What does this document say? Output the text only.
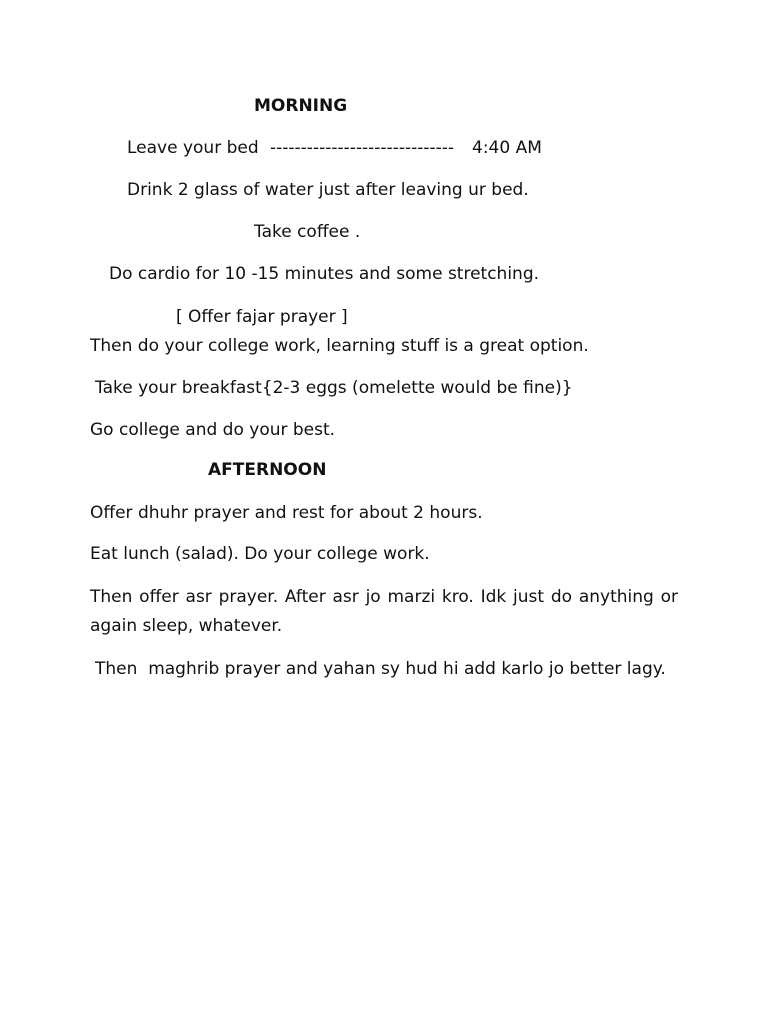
MORNING
Leave your bed ------------------------------ 4:40 AM
Drink 2 glass of water just after leaving ur bed.
Take coffee .
Do cardio for 10 -15 minutes and some stretching.
[ Offer fajar prayer ]
Then do your college work, learning stuff is a great option.
Take your breakfast{2-3 eggs (omelette would be fine)}
Go college and do your best.
AFTERNOON
Offer dhuhr prayer and rest for about 2 hours.
Eat lunch (salad). Do your college work.
Then offer asr prayer. After asr jo marzi kro. Idk just do anything or again sleep, whatever.
Then  maghrib prayer and yahan sy hud hi add karlo jo better lagy.
